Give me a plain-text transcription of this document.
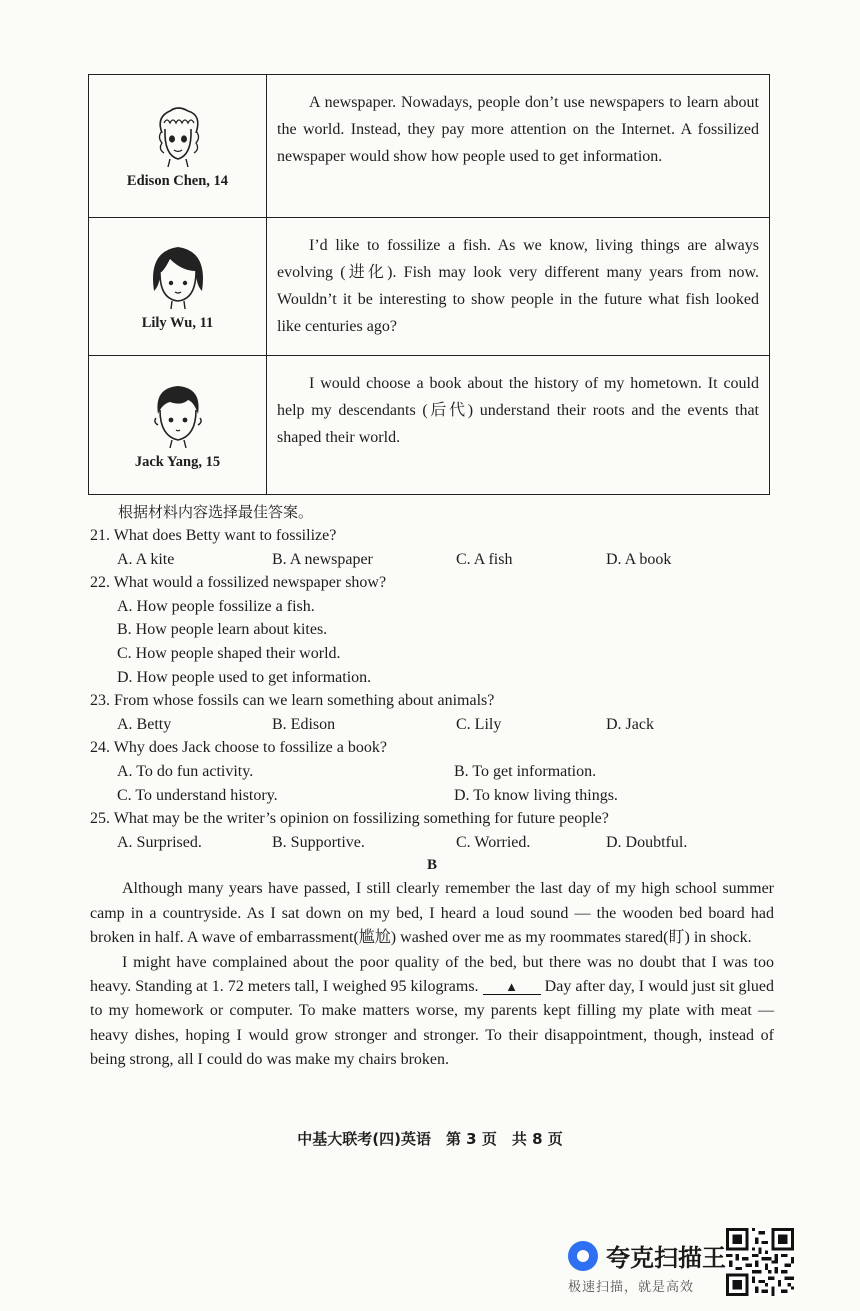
Edison Chen, 14
A newspaper. Nowadays, people don’t use newspapers to learn about the world. Instead, they pay more attention on the Internet. A fossilized newspaper would show how people used to get information.
Lily Wu, 11
I’d like to fossilize a fish. As we know, living things are always evolving (进化). Fish may look very different many years from now. Wouldn’t it be interesting to show people in the future what fish looked like centuries ago?
Jack Yang, 15
I would choose a book about the history of my hometown. It could help my descendants (后代) understand their roots and the events that shaped their world.
根据材料内容选择最佳答案。
21. What does Betty want to fossilize?
A. A kite	B. A newspaper	C. A fish	D. A book
22. What would a fossilized newspaper show?
A. How people fossilize a fish.
B. How people learn about kites.
C. How people shaped their world.
D. How people used to get information.
23. From whose fossils can we learn something about animals?
A. Betty	B. Edison	C. Lily	D. Jack
24. Why does Jack choose to fossilize a book?
A. To do fun activity.	B. To get information.
C. To understand history.	D. To know living things.
25. What may be the writer’s opinion on fossilizing something for future people?
A. Surprised.	B. Supportive.	C. Worried.	D. Doubtful.
B

Although many years have passed, I still clearly remember the last day of my high school summer camp in a countryside. As I sat down on my bed, I heard a loud sound — the wooden bed board had broken in half. A wave of embarrassment(尴尬) washed over me as my roommates stared(盯) in shock.

I might have complained about the poor quality of the bed, but there was no doubt that I was too heavy. Standing at 1. 72 meters tall, I weighed 95 kilograms. ▲ Day after day, I would just sit glued to my homework or computer. To make matters worse, my parents kept filling my plate with meat — heavy dishes, hoping I would grow stronger and stronger. To their disappointment, though, instead of being strong, all I could do was make my chairs broken.

中基大联考(四)英语　第 3 页　共 8 页
夸克扫描王
极速扫描，就是高效
